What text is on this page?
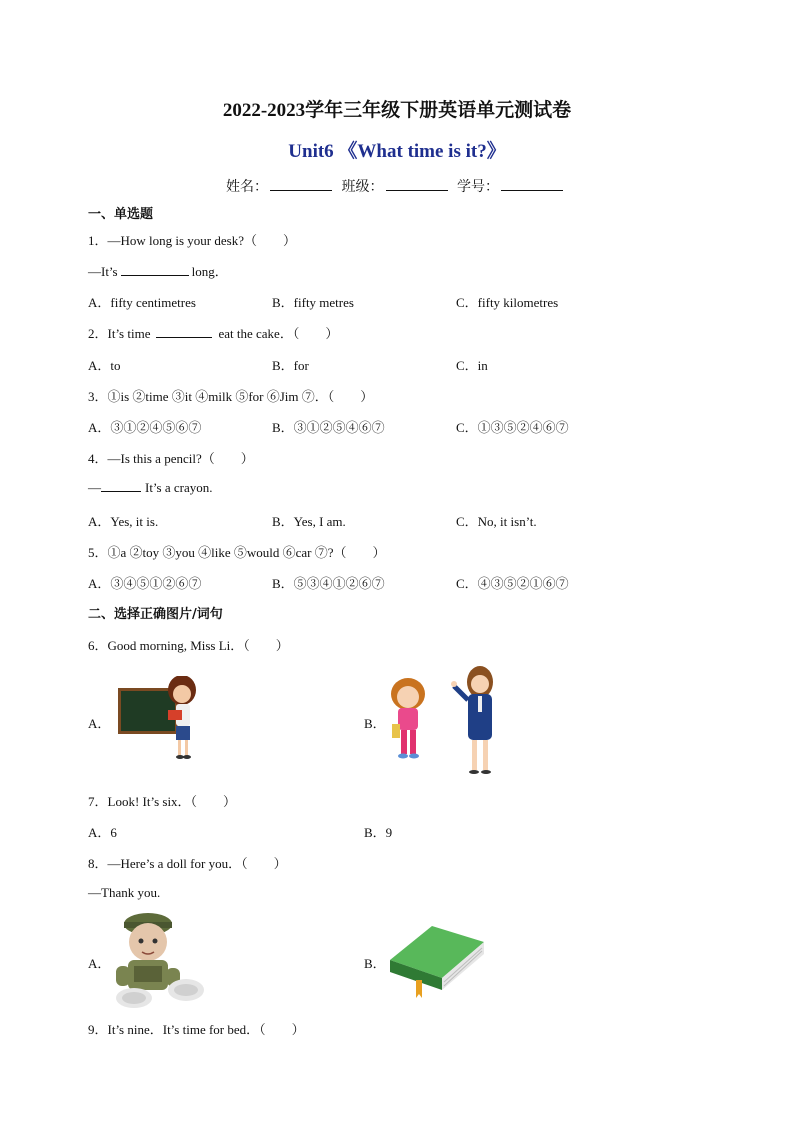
2022-2023学年三年级下册英语单元测试卷
Unit6 《What time is it?》
姓名：	班级：	学号：
一、单选题
1．—How long is your desk?（　　）
—It’s	long．
A．fifty centimetres	B．fifty metres	C．fifty kilometres
2．It’s time	eat the cake．（　　）
A．to	B．for	C．in
3．①is ②time ③it ④milk ⑤for ⑥Jim ⑦．（　　）
A．③①②④⑤⑥⑦	B．③①②⑤④⑥⑦	C．①③⑤②④⑥⑦
4．—Is this a pencil?（　　）
—	It’s a crayon.
A．Yes, it is.	B．Yes, I am.	C．No, it isn’t.
5．①a ②toy ③you ④like ⑤would ⑥car ⑦?（　　）
A．③④⑤①②⑥⑦	B．⑤③④①②⑥⑦	C．④③⑤②①⑥⑦
二、选择正确图片/词句
6．Good morning, Miss Li．（　　）
A．	B．
7．Look! It’s six．（　　）
A．6	B．9
8．—Here’s a doll for you．（　　）
—Thank you.
A．	B．
9．It’s nine．It’s time for bed．（　　）
